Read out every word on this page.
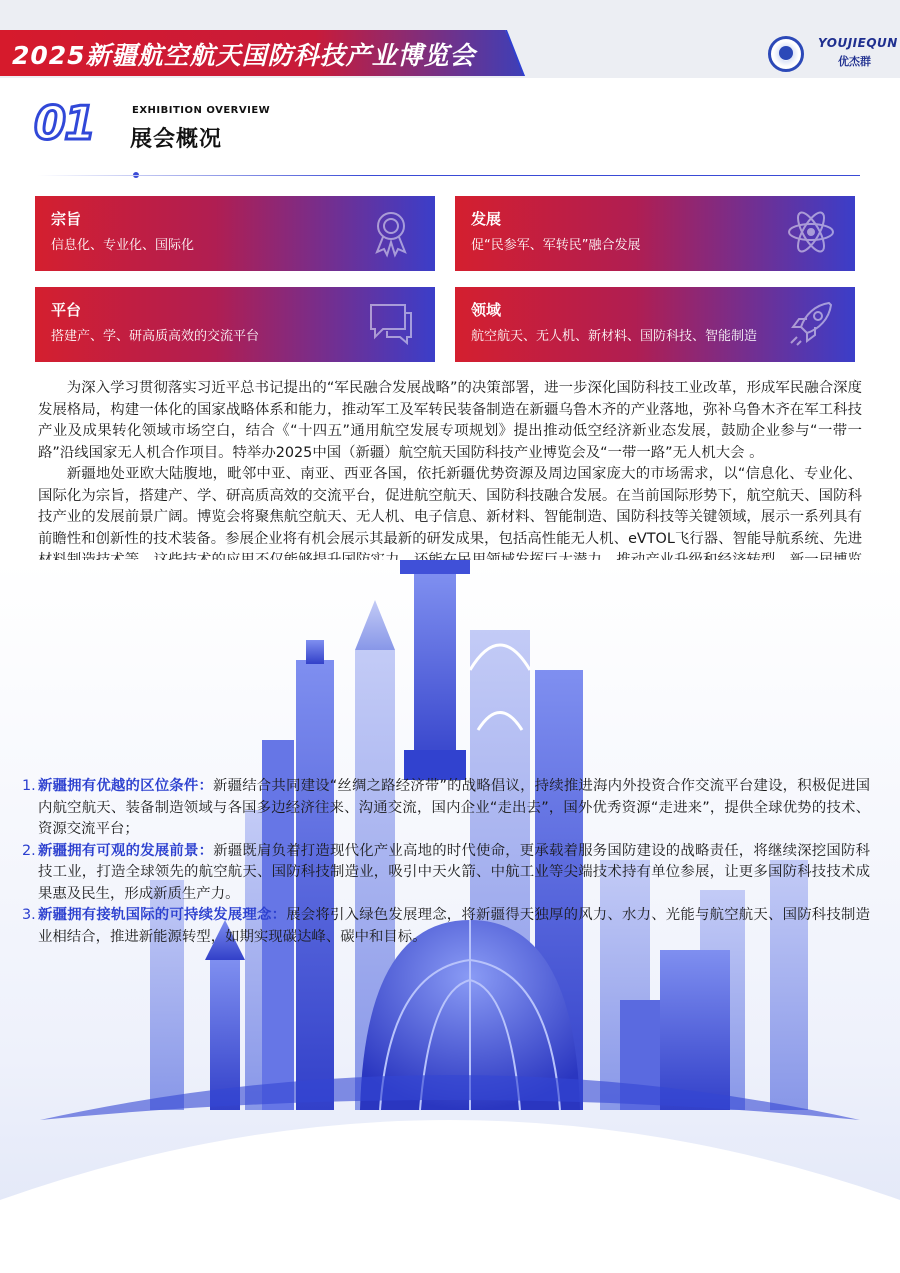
2025新疆航空航天国防科技产业博览会	YOUJIEQUN
优杰群
01	EXHIBITION OVERVIEW
展会概况
宗旨
信息化、专业化、国际化
发展
促“民参军、军转民”融合发展
平台
搭建产、学、研高质高效的交流平台
领域
航空航天、无人机、新材料、国防科技、智能制造

为深入学习贯彻落实习近平总书记提出的“军民融合发展战略”的决策部署，进一步深化国防科技工业改革，形成军民融合深度发展格局，构建一体化的国家战略体系和能力，推动军工及军转民装备制造在新疆乌鲁木齐的产业落地，弥补乌鲁木齐在军工科技产业及成果转化领域市场空白，结合《“十四五”通用航空发展专项规划》提出推动低空经济新业态发展，鼓励企业参与“一带一路”沿线国家无人机合作项目。特举办2025中国（新疆）航空航天国防科技产业博览会及“一带一路”无人机大会 。

新疆地处亚欧大陆腹地，毗邻中亚、南亚、西亚各国，依托新疆优势资源及周边国家庞大的市场需求，以“信息化、专业化、国际化为宗旨，搭建产、学、研高质高效的交流平台，促进航空航天、国防科技融合发展。在当前国际形势下，航空航天、国防科技产业的发展前景广阔。博览会将聚焦航空航天、无人机、电子信息、新材料、智能制造、国防科技等关键领域，展示一系列具有前瞻性和创新性的技术装备。参展企业将有机会展示其最新的研发成果，包括高性能无人机、eVTOL飞行器、智能导航系统、先进

1. 新疆拥有优越的区位条件：新疆结合共同建设“丝绸之路经济带”的战略倡议，持续推进海内外投资合作交流平台建设，积极促进国内航空航天、装备制造领域与各国多边经济往来、沟通交流，国内企业“走出去”，国外优秀资源“走进来”，提供全球优势的技术、资源交流平台；
2. 新疆拥有可观的发展前景：新疆既肩负着打造现代化产业高地的时代使命，更承载着服务国防建设的战略责任，将继续深挖国防科技工业，打造全球领先的航空航天、国防科技制造业，吸引中天火箭、中航工业等尖端技术持有单位参展，让更多国防科技技术成果惠及民生，形成新质生产力。
3. 新疆拥有接轨国际的可持续发展理念：展会将引入绿色发展理念，将新疆得天独厚的风力、水力、光能与航空航天、国防科技制造业相结合，推进新能源转型，如期实现碳达峰、碳中和目标。
